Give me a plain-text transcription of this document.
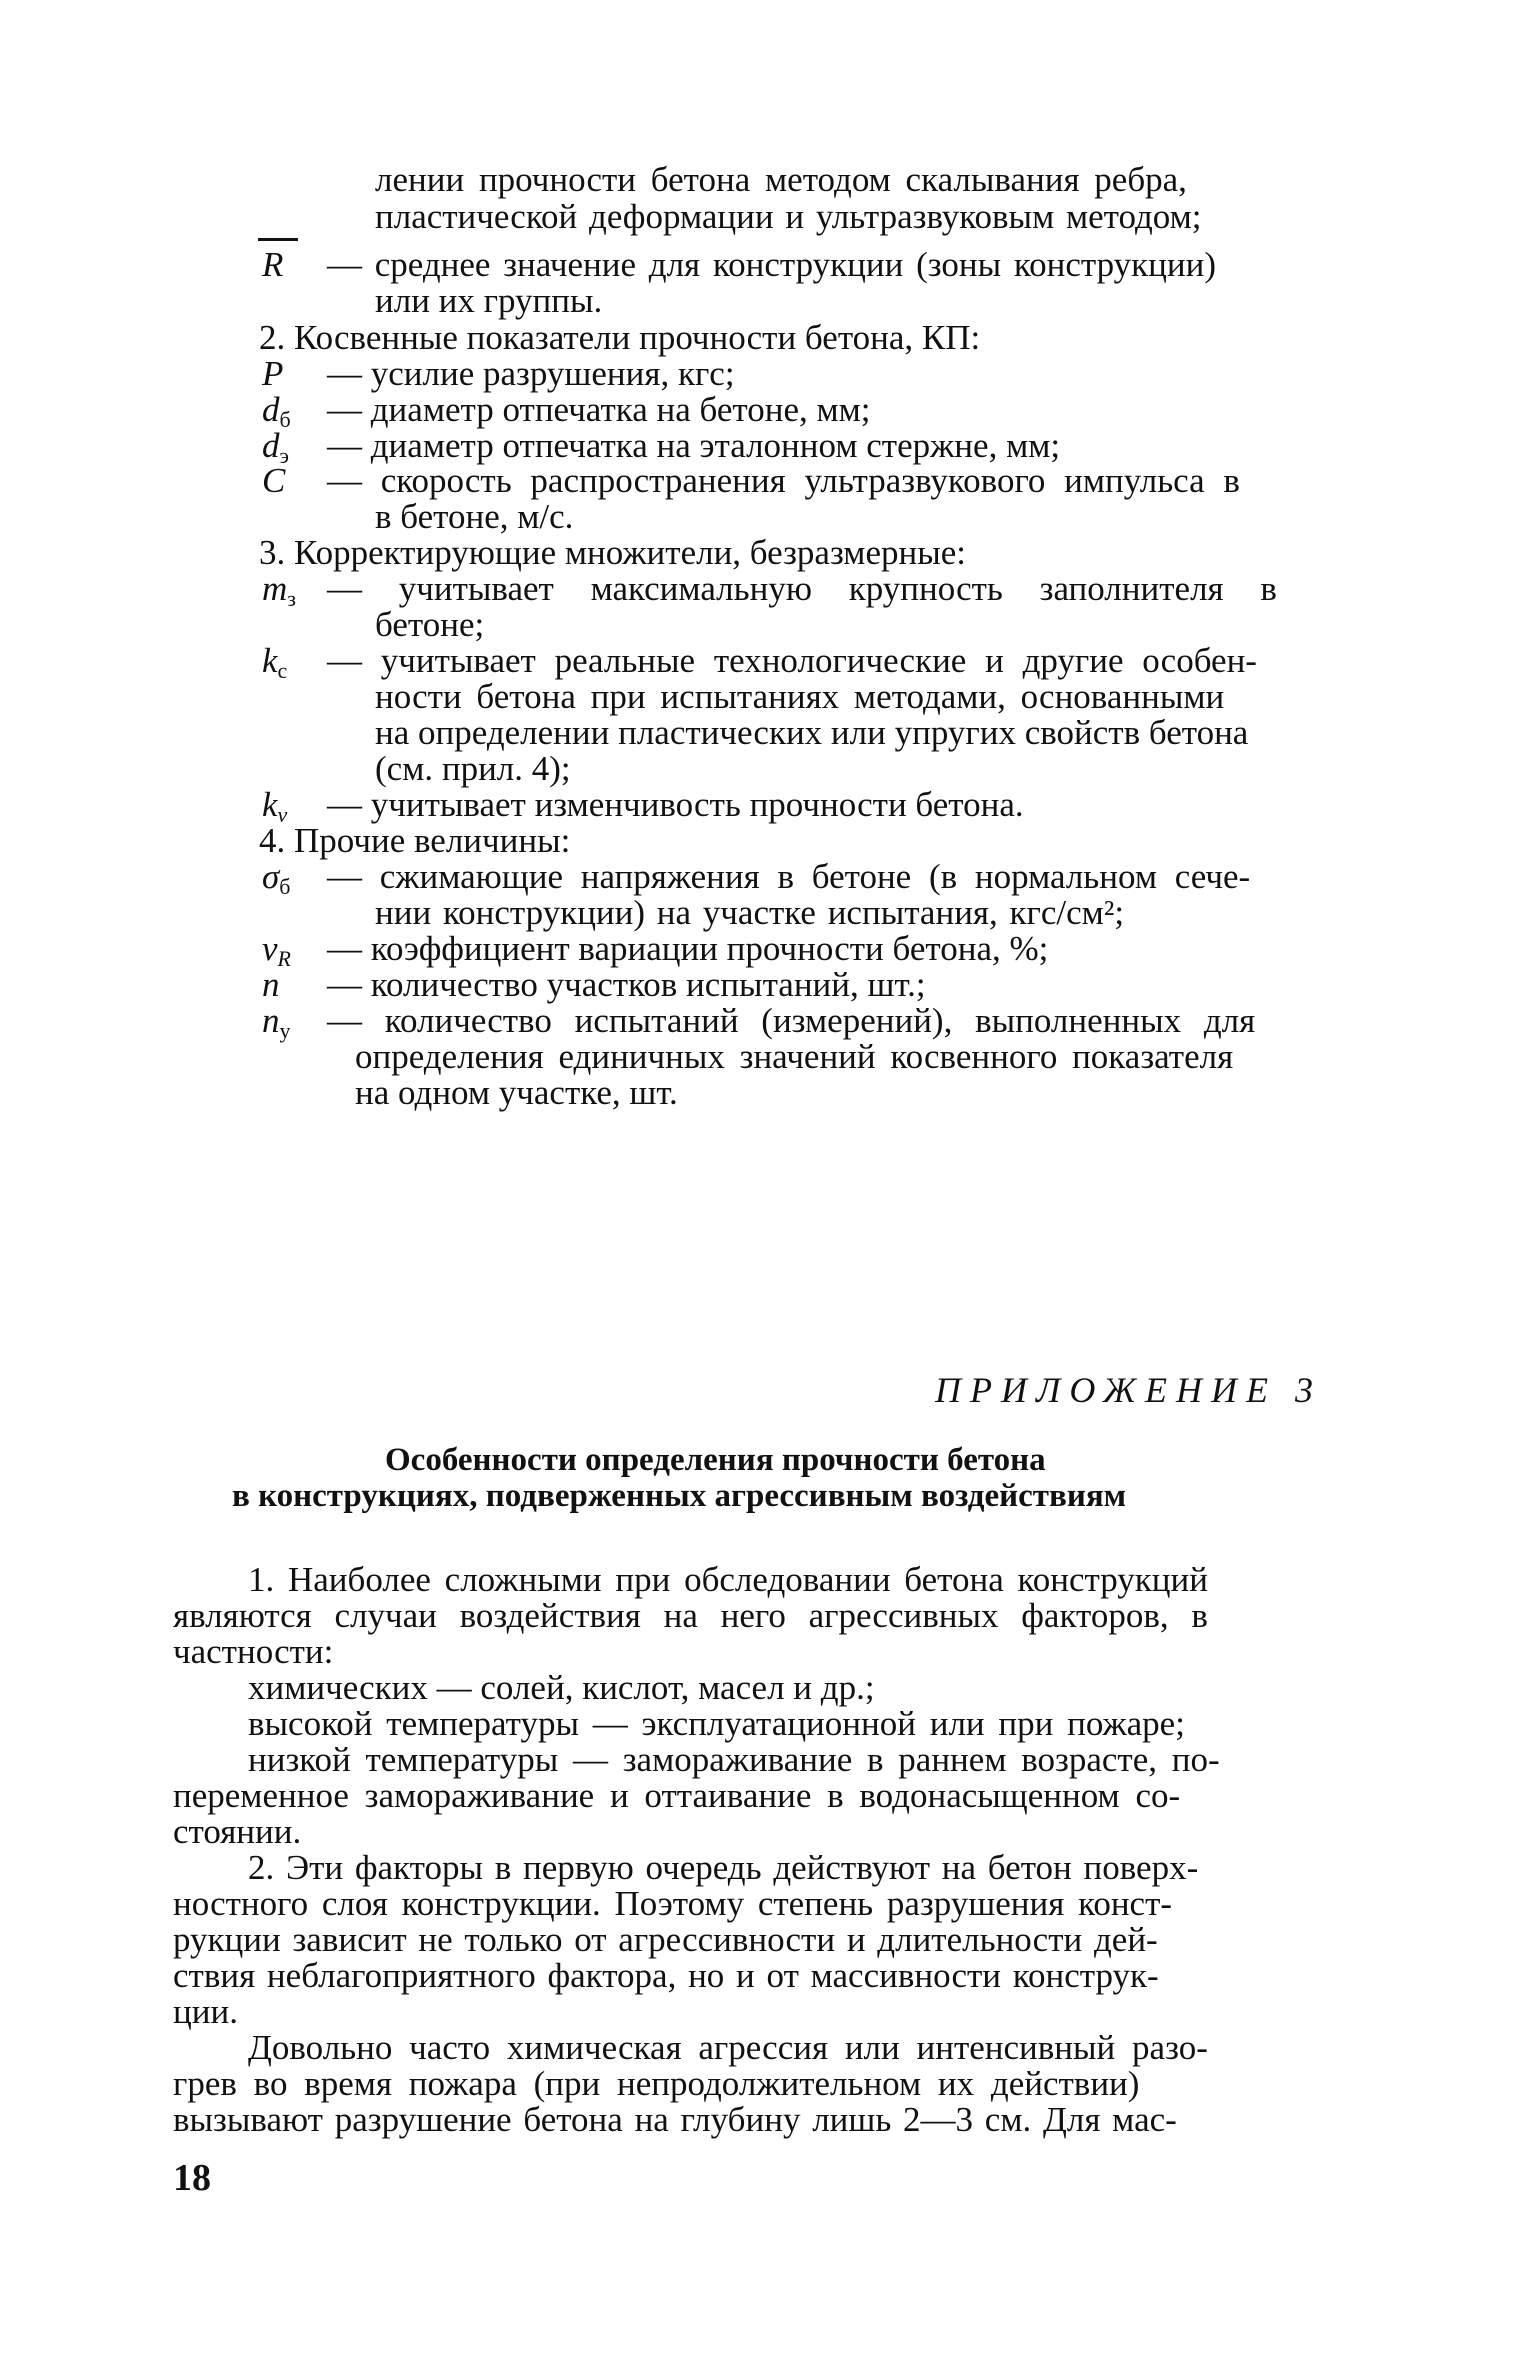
лении прочности бетона методом скалывания ребра,
пластической деформации и ультразвуковым методом;
R — среднее значение для конструкции (зоны конструкции)
или их группы.
2. Косвенные показатели прочности бетона, КП:
P — усилие разрушения, кгс;
$d_б$ — диаметр отпечатка на бетоне, мм;
$d_э$ — диаметр отпечатка на эталонном стержне, мм;
C — скорость распространения ультразвукового импульса в
в бетоне, м/с.
3. Корректирующие множители, безразмерные:
$m_з$ — учитывает максимальную крупность заполнителя в
бетоне;
$k_с$ — учитывает реальные технологические и другие особен-
ности бетона при испытаниях методами, основанными
на определении пластических или упругих свойств бетона
(см. прил. 4);
$k_v$ — учитывает изменчивость прочности бетона.
4. Прочие величины:
$\sigma_б$ — сжимающие напряжения в бетоне (в нормальном сече-
нии конструкции) на участке испытания, кгс/см²;
$v_R$ — коэффициент вариации прочности бетона, %;
n — количество участков испытаний, шт.;
$n_у$ — количество испытаний (измерений), выполненных для
определения единичных значений косвенного показателя
на одном участке, шт.
ПРИЛОЖЕНИЕ 3
Особенности определения прочности бетона
в конструкциях, подверженных агрессивным воздействиям
1. Наиболее сложными при обследовании бетона конструкций
являются случаи воздействия на него агрессивных факторов, в
частности:
химических — солей, кислот, масел и др.;
высокой температуры — эксплуатационной или при пожаре;
низкой температуры — замораживание в раннем возрасте, по-
переменное замораживание и оттаивание в водонасыщенном со-
стоянии.
2. Эти факторы в первую очередь действуют на бетон поверх-
ностного слоя конструкции. Поэтому степень разрушения конст-
рукции зависит не только от агрессивности и длительности дей-
ствия неблагоприятного фактора, но и от массивности конструк-
ции.
Довольно часто химическая агрессия или интенсивный разо-
грев во время пожара (при непродолжительном их действии)
вызывают разрушение бетона на глубину лишь 2—3 см. Для мас-
18
